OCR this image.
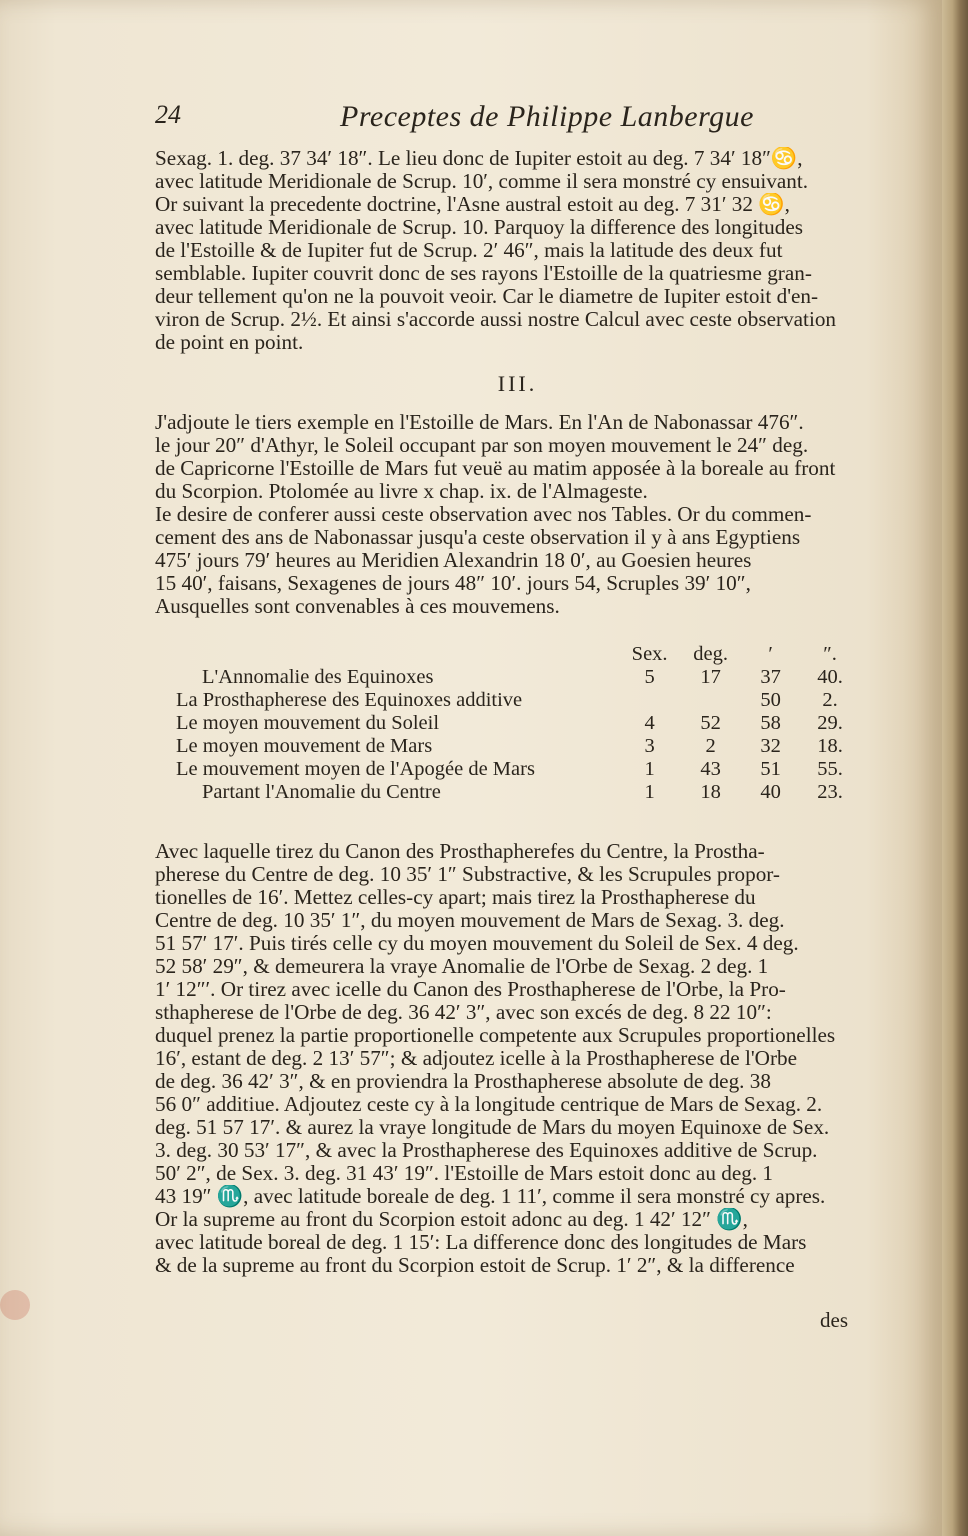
24	Preceptes de Philippe Lanbergue
Sexag. 1. deg. 37 34′ 18″. Le lieu donc de Iupiter estoit au deg. 7 34′ 18″♋,
avec latitude Meridionale de Scrup. 10′, comme il sera monstré cy ensuivant.
Or suivant la precedente doctrine, l'Asne austral estoit au deg. 7 31′ 32 ♋,
avec latitude Meridionale de Scrup. 10. Parquoy la difference des longitudes
de l'Estoille & de Iupiter fut de Scrup. 2′ 46″, mais la latitude des deux fut
semblable. Iupiter couvrit donc de ses rayons l'Estoille de la quatriesme gran-
deur tellement qu'on ne la pouvoit veoir. Car le diametre de Iupiter estoit d'en-
viron de Scrup. 2½. Et ainsi s'accorde aussi nostre Calcul avec ceste observation
de point en point.
III.
J'adjoute le tiers exemple en l'Estoille de Mars. En l'An de Nabonassar 476″.
le jour 20″ d'Athyr, le Soleil occupant par son moyen mouvement le 24″ deg.
de Capricorne l'Estoille de Mars fut veuë au matim apposée à la boreale au front
du Scorpion. Ptolomée au livre x chap. ix. de l'Almageste.
Ie desire de conferer aussi ceste observation avec nos Tables. Or du commen-
cement des ans de Nabonassar jusqu'a ceste observation il y à ans Egyptiens
475′ jours 79′ heures au Meridien Alexandrin 18 0′, au Goesien heures
15 40′, faisans, Sexagenes de jours 48″ 10′. jours 54, Scruples 39′ 10″,
Ausquelles sont convenables à ces mouvemens.
	Sex.	deg.	′	″.
L'Annomalie des Equinoxes	5	17	37	40.
La Prosthapherese des Equinoxes additive			50	2.
Le moyen mouvement du Soleil	4	52	58	29.
Le moyen mouvement de Mars	3	2	32	18.
Le mouvement moyen de l'Apogée de Mars	1	43	51	55.
Partant l'Anomalie du Centre	1	18	40	23.
Avec laquelle tirez du Canon des Prosthapherefes du Centre, la Prostha-
pherese du Centre de deg. 10 35′ 1″ Substractive, & les Scrupules propor-
tionelles de 16′. Mettez celles-cy apart; mais tirez la Prosthapherese du
Centre de deg. 10 35′ 1″, du moyen mouvement de Mars de Sexag. 3. deg.
51 57′ 17′. Puis tirés celle cy du moyen mouvement du Soleil de Sex. 4 deg.
52 58′ 29″, & demeurera la vraye Anomalie de l'Orbe de Sexag. 2 deg. 1
1′ 12″′. Or tirez avec icelle du Canon des Prosthapherese de l'Orbe, la Pro-
sthapherese de l'Orbe de deg. 36 42′ 3″, avec son excés de deg. 8 22 10″:
duquel prenez la partie proportionelle competente aux Scrupules proportionelles
16′, estant de deg. 2 13′ 57″; & adjoutez icelle à la Prosthapherese de l'Orbe
de deg. 36 42′ 3″, & en proviendra la Prosthapherese absolute de deg. 38
56 0″ additiue. Adjoutez ceste cy à la longitude centrique de Mars de Sexag. 2.
deg. 51 57 17′. & aurez la vraye longitude de Mars du moyen Equinoxe de Sex.
3. deg. 30 53′ 17″, & avec la Prosthapherese des Equinoxes additive de Scrup.
50′ 2″, de Sex. 3. deg. 31 43′ 19″. l'Estoille de Mars estoit donc au deg. 1
43 19″ ♏, avec latitude boreale de deg. 1 11′, comme il sera monstré cy apres.
Or la supreme au front du Scorpion estoit adonc au deg. 1 42′ 12″ ♏,
avec latitude boreal de deg. 1 15′: La difference donc des longitudes de Mars
& de la supreme au front du Scorpion estoit de Scrup. 1′ 2″, & la difference
des
